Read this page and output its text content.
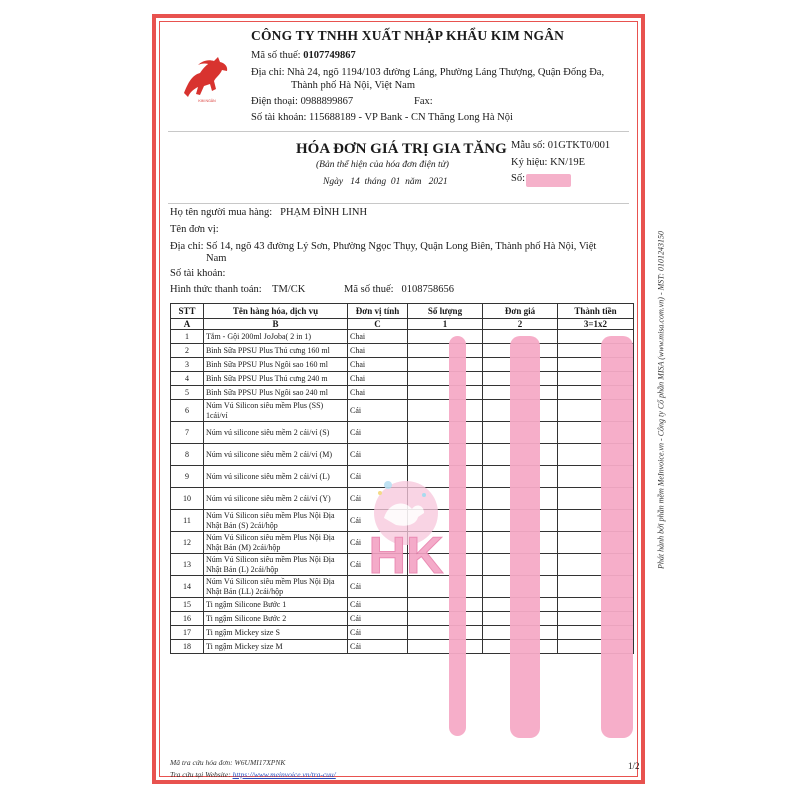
KIM NGÂN
CÔNG TY TNHH XUẤT NHẬP KHẨU KIM NGÂN
Mã số thuế: 0107749867
Địa chỉ: Nhà 24, ngõ 1194/103 đường Láng, Phường Láng Thượng, Quận Đống Đa,
Thành phố Hà Nội, Việt Nam
Điện thoại: 0988899867	Fax:
Số tài khoản: 115688189 - VP Bank - CN Thăng Long Hà Nội
HÓA ĐƠN GIÁ TRỊ GIA TĂNG
(Bản thể hiện của hóa đơn điện tử)
Ngày 14 tháng 01 năm 2021
Mẫu số: 01GTKT0/001
Ký hiệu: KN/19E
Số:
Họ tên người mua hàng: PHẠM ĐÌNH LINH
Tên đơn vị:
Địa chỉ: Số 14, ngõ 43 đường Lý Sơn, Phường Ngọc Thụy, Quận Long Biên, Thành phố Hà Nội, Việt
Nam
Số tài khoản:
Hình thức thanh toán: TM/CK	Mã số thuế: 0108758656
STT	Tên hàng hóa, dịch vụ	Đơn vị tính	Số lượng	Đơn giá	Thành tiền
A	B	C	1	2	3=1x2
1	Tắm - Gội 200ml JoJoba( 2 in 1)	Chai			
2	Bình Sữa PPSU Plus Thú cưng 160 ml	Chai			
3	Bình Sữa PPSU Plus Ngôi sao 160 ml	Chai			
4	Bình Sữa PPSU Plus Thú cưng 240 m	Chai			
5	Bình Sữa PPSU Plus Ngôi sao 240 ml	Chai			
6	Núm Vú Silicon siêu mềm Plus (SS) 1cái/vỉ	Cái			
7	Núm vú silicone siêu mềm 2 cái/vỉ (S)	Cái			
8	Núm vú silicone siêu mềm 2 cái/vỉ (M)	Cái			
9	Núm vú silicone siêu mềm 2 cái/vỉ (L)	Cái			
10	Núm vú silicone siêu mềm 2 cái/vỉ (Y)	Cái			
11	Núm Vú Silicon siêu mềm Plus Nội Địa Nhật Bản (S) 2cái/hộp	Cái			
12	Núm Vú Silicon siêu mềm Plus Nội Địa Nhật Bản (M) 2cái/hộp	Cái			
13	Núm Vú Silicon siêu mềm Plus Nội Địa Nhật Bản (L) 2cái/hộp	Cái			
14	Núm Vú Silicon siêu mềm Plus Nội Địa Nhật Bản (LL) 2cái/hộp	Cái			
15	Ti ngậm Silicone Bước 1	Cái			
16	Ti ngậm Silicone Bước 2	Cái			
17	Ti ngậm Mickey size S	Cái			
18	Ti ngậm Mickey size M	Cái			
HK
Mã tra cứu hóa đơn: W6UMI17XPNK
Tra cứu tại Website: https://www.meinvoice.vn/tra-cuu/
1/2
Phát hành bởi phần mềm MeInvoice.vn - Công ty Cổ phần MISA (www.misa.com.vn) - MST: 0101243150
